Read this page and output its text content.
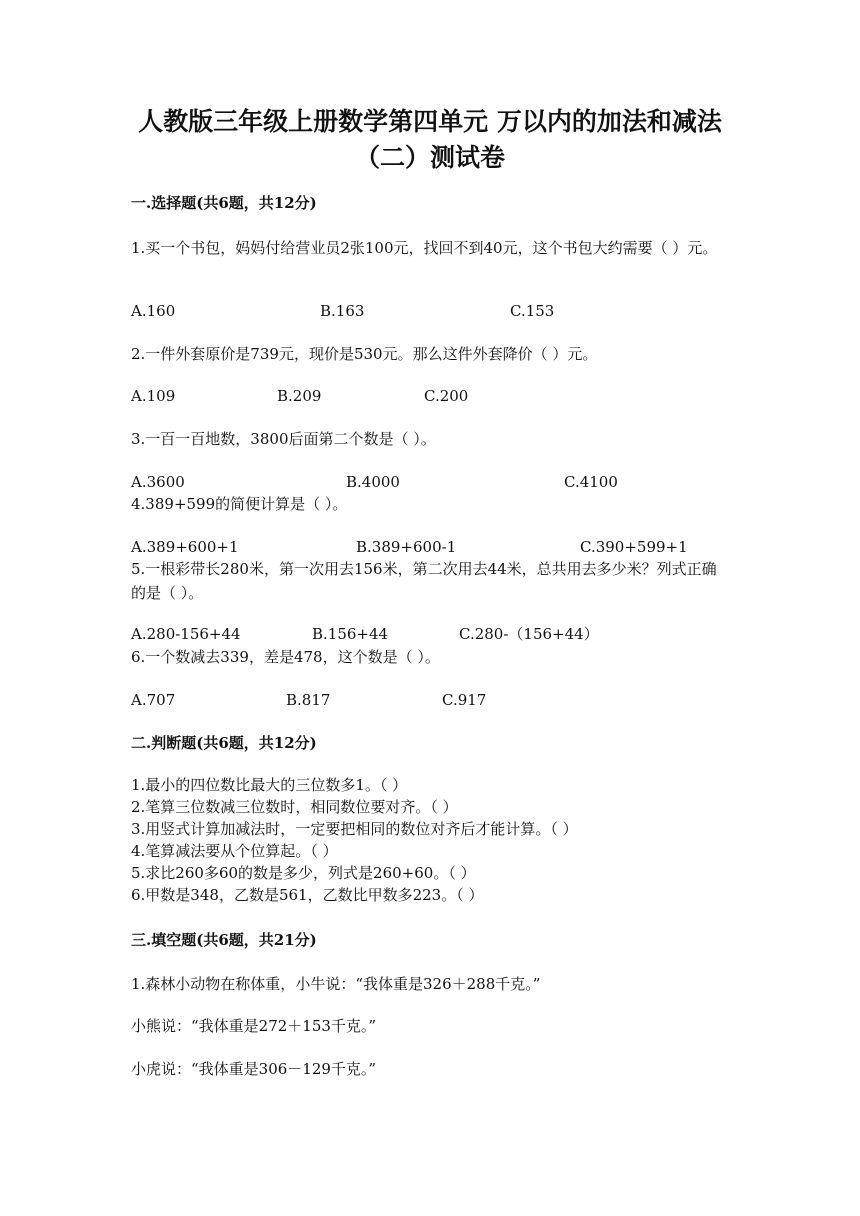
人教版三年级上册数学第四单元 万以内的加法和减法（二）测试卷
一.选择题(共6题，共12分)
1.买一个书包，妈妈付给营业员2张100元，找回不到40元，这个书包大约需要（ ）元。
A.160	B.163	C.153
2.一件外套原价是739元，现价是530元。那么这件外套降价（ ）元。
A.109	B.209	C.200
3.一百一百地数，3800后面第二个数是（ ）。
A.3600	B.4000	C.4100
4.389+599的简便计算是（ ）。
A.389+600+1	B.389+600-1	C.390+599+1
5.一根彩带长280米，第一次用去156米，第二次用去44米，总共用去多少米？列式正确的是（ ）。
A.280-156+44	B.156+44	C.280-（156+44）
6.一个数减去339，差是478，这个数是（ ）。
A.707	B.817	C.917
二.判断题(共6题，共12分)
1.最小的四位数比最大的三位数多1。（ ）
2.笔算三位数减三位数时，相同数位要对齐。（ ）
3.用竖式计算加减法时，一定要把相同的数位对齐后才能计算。（ ）
4.笔算减法要从个位算起。（ ）
5.求比260多60的数是多少，列式是260+60。（ ）
6.甲数是348，乙数是561，乙数比甲数多223。（ ）
三.填空题(共6题，共21分)
1.森林小动物在称体重，小牛说：“我体重是326＋288千克。”
小熊说：“我体重是272＋153千克。”
小虎说：“我体重是306－129千克。”
